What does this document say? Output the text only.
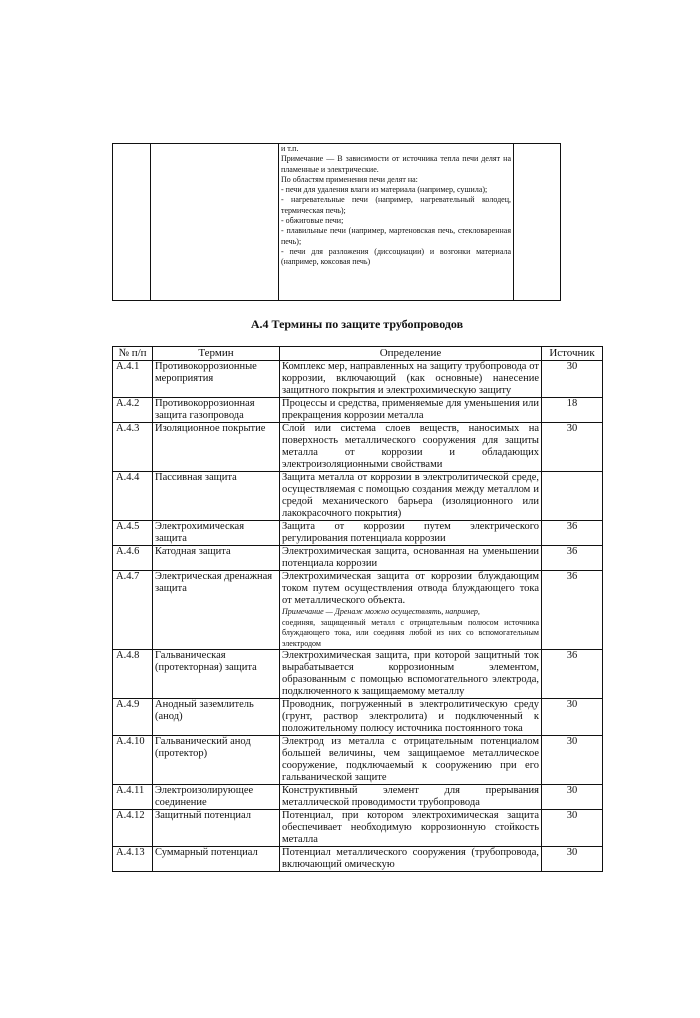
и т.п.

Примечание — В зависимости от источника тепла печи делят на пламенные и электрические.

По областям применения печи делят на:

- печи для удаления влаги из материала (например, сушила);

- нагревательные печи (например, нагревательный колодец, термическая печь);

- обжиговые печи;

- плавильные печи (например, мартеновская печь, стекловаренная печь);

- печи для разложения (диссоциации) и возгонки материала (например, коксовая печь)

А.4 Термины по защите трубопроводов
№ п/п	Термин	Определение	Источник
А.4.1	Противокоррозионные мероприятия	Комплекс мер, направленных на защиту трубопровода от коррозии, включающий (как основные) нанесение защитного покрытия и электрохимическую защиту	30
А.4.2	Противокоррозионная защита газопровода	Процессы и средства, применяемые для уменьшения или прекращения коррозии металла	18
А.4.3	Изоляционное покрытие	Слой или система слоев веществ, наносимых на поверхность металлического сооружения для защиты металла от коррозии и обладающих электроизоляционными свойствами	30
А.4.4	Пассивная защита	Защита металла от коррозии в электролитической среде, осуществляемая с помощью создания между металлом и средой механического барьера (изоляционного или лакокрасочного покрытия)	
А.4.5	Электрохимическая защита	Защита от коррозии путем электрического регулирования потенциала коррозии	36
А.4.6	Катодная защита	Электрохимическая защита, основанная на уменьшении потенциала коррозии	36
А.4.7	Электрическая дренажная защита	Электрохимическая защита от коррозии блуждающим током путем осуществления отвода блуждающего тока от металлического объекта.
Примечание — Дренаж можно осуществлять, например,
соединяя, защищенный металл с отрицательным полюсом источника блуждающего тока, или соединяя любой из них со вспомогательным электродом	36
А.4.8	Гальваническая (протекторная) защита	Электрохимическая защита, при которой защитный ток вырабатывается коррозионным элементом, образованным с помощью вспомогательного электрода, подключенного к защищаемому металлу	36
А.4.9	Анодный заземлитель (анод)	Проводник, погруженный в электролитическую среду (грунт, раствор электролита) и подключенный к положительному полюсу источника постоянного тока	30
А.4.10	Гальванический анод (протектор)	Электрод из металла с отрицательным потенциалом большей величины, чем защищаемое металлическое сооружение, подключаемый к сооружению при его гальванической защите	30
А.4.11	Электроизолирующее соединение	Конструктивный элемент для прерывания металлической проводимости трубопровода	30
А.4.12	Защитный потенциал	Потенциал, при котором электрохимическая защита обеспечивает необходимую коррозионную стойкость металла	30
А.4.13	Суммарный потенциал	Потенциал металлического сооружения (трубопровода, включающий омическую	30
